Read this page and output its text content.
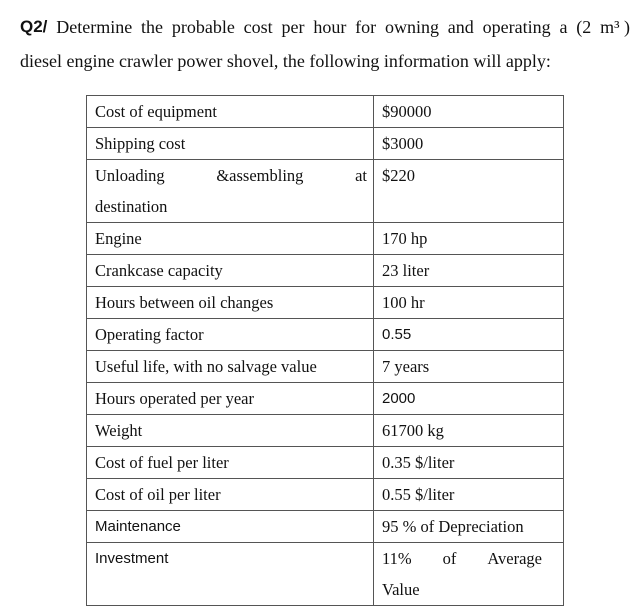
Q2/ Determine the probable cost per hour for owning and operating a (2 m³ )
diesel engine crawler power shovel, the following information will apply:
Cost of equipment	$90000
Shipping cost	$3000

Unloading &assembling at
destination	$220
Engine	170 hp
Crankcase capacity	23 liter
Hours between oil changes	100 hr
Operating factor	0.55
Useful life, with no salvage value	7 years
Hours operated per year	2000
Weight	61700 kg
Cost of fuel per liter	0.35 $/liter
Cost of oil per liter	0.55 $/liter
Maintenance	95 % of Depreciation
Investment	11% of Average
Value
